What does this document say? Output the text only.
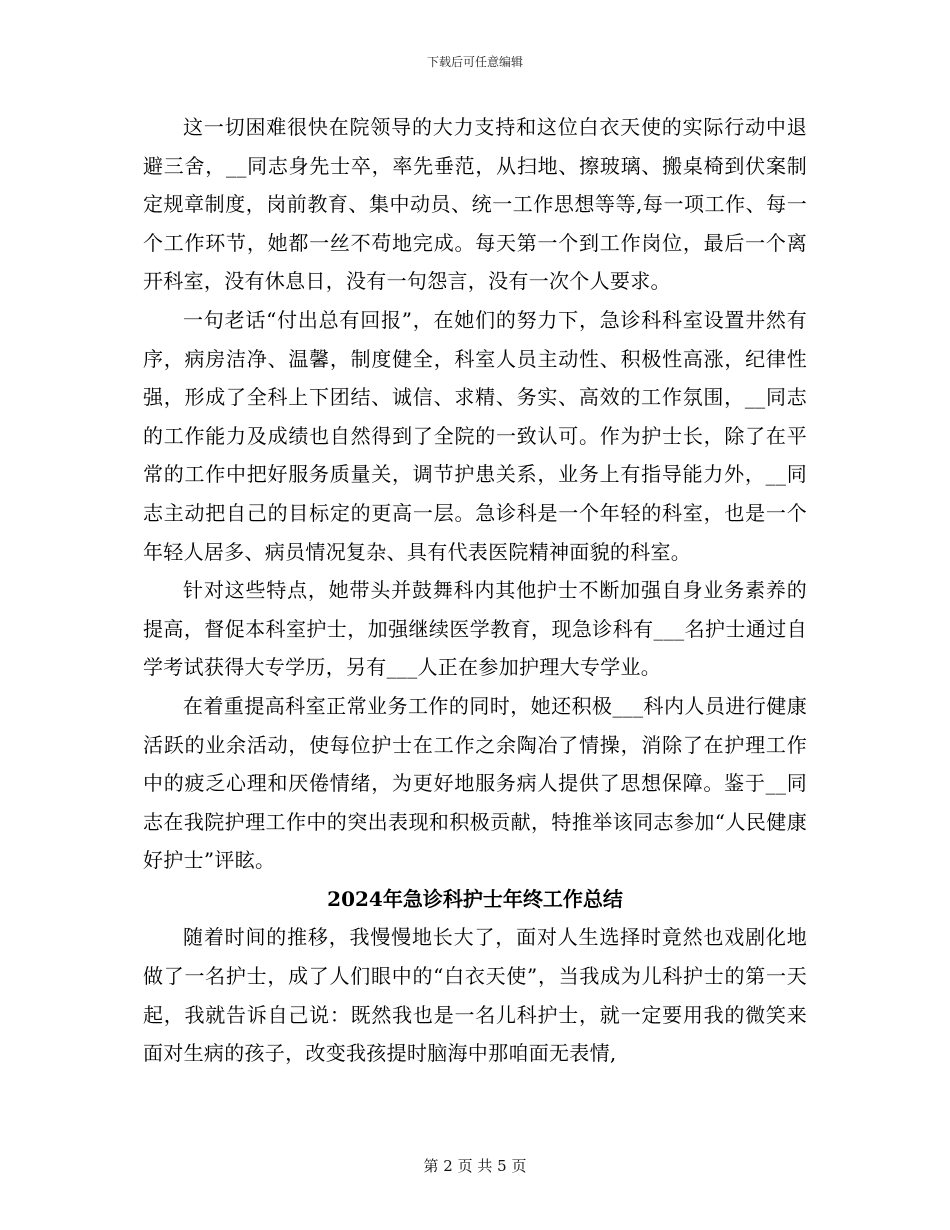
下载后可任意编辑

这一切困难很快在院领导的大力支持和这位白衣天使的实际行动中退避三舍，__同志身先士卒，率先垂范，从扫地、擦玻璃、搬桌椅到伏案制定规章制度，岗前教育、集中动员、统一工作思想等等,每一项工作、每一个工作环节，她都一丝不苟地完成。每天第一个到工作岗位，最后一个离开科室，没有休息日，没有一句怨言，没有一次个人要求。

一句老话“付出总有回报”，在她们的努力下，急诊科科室设置井然有序，病房洁净、温馨，制度健全，科室人员主动性、积极性高涨，纪律性强，形成了全科上下团结、诚信、求精、务实、高效的工作氛围，__同志的工作能力及成绩也自然得到了全院的一致认可。作为护士长，除了在平常的工作中把好服务质量关，调节护患关系，业务上有指导能力外，__同志主动把自己的目标定的更高一层。急诊科是一个年轻的科室，也是一个年轻人居多、病员情况复杂、具有代表医院精神面貌的科室。

针对这些特点，她带头并鼓舞科内其他护士不断加强自身业务素养的提高，督促本科室护士，加强继续医学教育，现急诊科有___名护士通过自学考试获得大专学历，另有___人正在参加护理大专学业。

在着重提高科室正常业务工作的同时，她还积极___科内人员进行健康活跃的业余活动，使每位护士在工作之余陶冶了情操，消除了在护理工作中的疲乏心理和厌倦情绪，为更好地服务病人提供了思想保障。鉴于__同志在我院护理工作中的突出表现和积极贡献，特推举该同志参加“人民健康好护士”评眩。

2024年急诊科护士年终工作总结

随着时间的推移，我慢慢地长大了，面对人生选择时竟然也戏剧化地做了一名护士，成了人们眼中的“白衣天使”，当我成为儿科护士的第一天起，我就告诉自己说：既然我也是一名儿科护士，就一定要用我的微笑来面对生病的孩子，改变我孩提时脑海中那咱面无表情,

第 2 页 共 5 页
